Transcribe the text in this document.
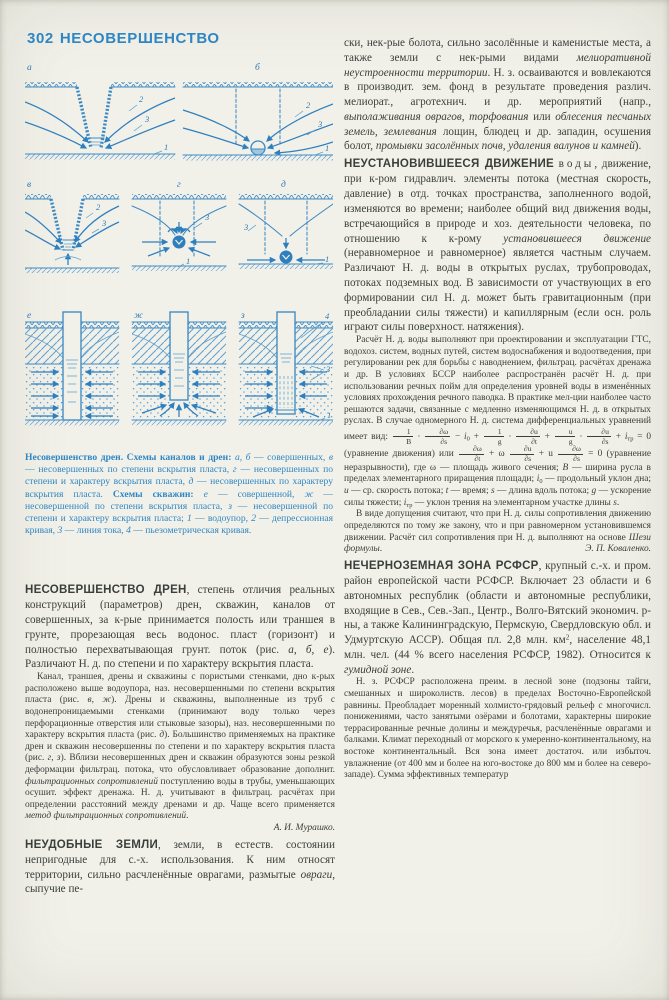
302 НЕСОВЕРШЕНСТВО
а
2
3
1
б
2
3
1
в
2
3
г
3
1
д
3
1
е	ж	з	4
3
1
Несовершенство дрен. Схемы каналов и дрен: а, б — совершенных, в — несовершенных по степени вскрытия пласта, г — несовершенных по степени и характеру вскрытия пласта, д — несовершенных по характеру вскрытия пласта. Схемы скважин: е — совершенной, ж — несовершенной по степени вскрытия пласта, з — несовершенной по степени и характеру вскрытия пласта; 1 — водоупор, 2 — депрессионная кривая, 3 — линия тока, 4 — пьезометрическая кривая.

НЕСОВЕРШЕНСТВО ДРЕН, степень отличия реальных конструкций (параметров) дрен, скважин, каналов от совершенных, за к-рые принимается полость или траншея в грунте, прорезающая весь водонос. пласт (горизонт) и полностью перехватывающая грунт. поток (рис. а, б, е). Различают Н. д. по степени и по характеру вскрытия пласта.

Канал, траншея, дрены и скважины с пористыми стенками, дно к-рых расположено выше водоупора, наз. несовершенными по степени вскрытия пласта (рис. в, ж). Дрены и скважины, выполненные из труб с водонепроницаемыми стенками (принимают воду только через перфорационные отверстия или стыковые зазоры), наз. несовершенными по характеру вскрытия пласта (рис. д). Большинство применяемых на практике дрен и скважин несовершенны по степени и по характеру вскрытия пласта (рис. г, з). Вблизи несовершенных дрен и скважин образуются зоны резкой деформации фильтрац. потока, что обусловливает образование дополнит. фильтрационных сопротивлений поступлению воды в трубы, уменьшающих осушит. эффект дренажа. Н. д. учитывают в фильтрац. расчётах при определении расстояний между дренами и др. Чаще всего применяется метод фильтрационных сопротивлений.

А. И. Мурашко.

НЕУДОБНЫЕ ЗЕМЛИ, земли, в естеств. состоянии непригодные для с.-х. использования. К ним относят территории, сильно расчленённые оврагами, размытые овраги, сыпучие пе-

ски, нек-рые болота, сильно засолённые и каменистые места, а также земли с нек-рыми видами мелиоративной неустроенности территории. Н. з. осваиваются и вовлекаются в производит. зем. фонд в результате проведения различ. мелиорат., агротехнич. и др. мероприятий (напр., выполаживания оврагов, торфования или облесения песчаных земель, землевания лощин, блюдец и др. западин, осушения болот, промывки засолённых почв, удаления валунов и камней).

НЕУСТАНОВИВШЕЕСЯ ДВИЖЕНИЕ воды, движение, при к-ром гидравлич. элементы потока (местная скорость, давление) в отд. точках пространства, заполненного водой, изменяются во времени; наиболее общий вид движения воды, встречающийся в природе и хоз. деятельности человека, по отношению к к-рому установившееся движение (неравномерное и равномерное) является частным случаем. Различают Н. д. воды в открытых руслах, трубопроводах, потоках подземных вод. В зависимости от участвующих в его формировании сил Н. д. может быть гравитационным (при преобладании силы тяжести) и капиллярным (если осн. роль играют силы поверхност. натяжения).

Расчёт Н. д. воды выполняют при проектировании и эксплуатации ГТС, водохоз. систем, водных путей, систем водоснабжения и водоотведения, при регулировании рек для борьбы с наводнением, фильтрац. расчётах дренажа и др. В условиях БССР наиболее распространён расчёт Н. д. при использовании речных пойм для определения уровней воды в изменённых условиях прохождения речного паводка. В практике мел-ции наиболее часто решаются задачи, связанные с медленно изменяющимся Н. д. в открытых руслах. В случае одномерного Н. д. система дифференциальных уравнений имеет вид: $\frac{1}{B} \cdot \frac{\partial\omega}{\partial s} - i0 + \frac{1}{g} \cdot \frac{\partial u}{\partial t} + \frac{u}{g} \cdot \frac{\partial u}{\partial s}$ + iтр = 0 (уравнение движения) или $\frac{\partial\omega}{\partial t} + \omega \frac{\partial u}{\partial s} + u \frac{\partial\omega}{\partial s} = 0$ (уравнение неразрывности), где ω — площадь живого сечения; B — ширина русла в пределах элементарного приращения площади; i0 — продольный уклон дна; u — ср. скорость потока; t — время; s — длина вдоль потока; g — ускорение силы тяжести; iтр — уклон трения на элементарном участке длины s.

В виде допущения считают, что при Н. д. силы сопротивления движению определяются по тому же закону, что и при равномерном установившемся движении. Расчёт сил сопротивления при Н. д. выполняют на основе Шези формулы.	Э. П. Коваленко.

НЕЧЕРНОЗЕМНАЯ ЗОНА РСФСР, крупный с.-х. и пром. район европейской части РСФСР. Включает 23 области и 6 автономных республик (области и автономные республики, входящие в Сев., Сев.-Зап., Центр., Волго-Вятский экономич. р-ны, а также Калининградскую, Пермскую, Свердловскую обл. и Удмуртскую АССР). Общая пл. 2,8 млн. $км^2$, население 48,1 млн. чел. (44 % всего населения РСФСР, 1982). Относится к гумидной зоне.

Н. з. РСФСР расположена преим. в лесной зоне (подзоны тайги, смешанных и широколиств. лесов) в пределах Восточно-Европейской равнины. Преобладает моренный холмисто-грядовый рельеф с многочисл. понижениями, часто занятыми озёрами и болотами, характерны широкие террасированные речные долины и междуречья, расчленённые оврагами и балками. Климат переходный от морского к умеренно-континентальному, на востоке континентальный. Вся зона имеет достаточ. или избыточ. увлажнение (от 400 мм и более на юго-востоке до 800 мм и более на северо-западе). Сумма эффективных температур
